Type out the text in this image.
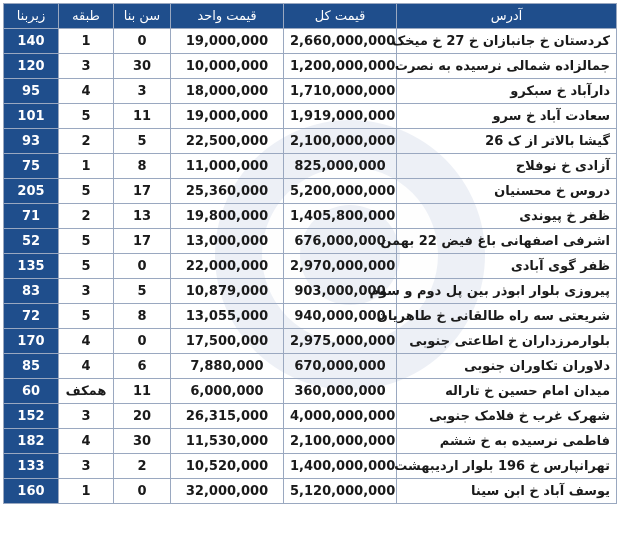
آدرس	قیمت کل	قیمت واحد	سن بنا	طبقه	زیربنا
کردستان خ جانبازان خ 27 خ میخک	2,660,000,000	19,000,000	0	1	140
جمالزاده شمالی نرسیده به نصرت	1,200,000,000	10,000,000	30	3	120
دارآباد خ سبکرو	1,710,000,000	18,000,000	3	4	95
سعادت آباد خ سرو	1,919,000,000	19,000,000	11	5	101
گیشا بالاتر از ک 26	2,100,000,000	22,500,000	5	2	93
آزادی خ نوفلاح	825,000,000	11,000,000	8	1	75
دروس خ محسنیان	5,200,000,000	25,360,000	17	5	205
ظفر خ پیوندی	1,405,800,000	19,800,000	13	2	71
اشرفی اصفهانی باغ فیض 22 بهمن	676,000,000	13,000,000	17	5	52
ظفر گوی آبادی	2,970,000,000	22,000,000	0	5	135
پیروزی بلوار ابوذر بین پل دوم و سوم	903,000,000	10,879,000	5	3	83
شریعتی سه راه طالقانی خ طاهریان	940,000,000	13,055,000	8	5	72
بلوارمرزداران خ اطاعتی جنوبی	2,975,000,000	17,500,000	0	4	170
دلاوران تکاوران جنوبی	670,000,000	7,880,000	6	4	85
میدان امام حسین خ تاراله	360,000,000	6,000,000	11	همکف	60
شهرک غرب خ فلامک جنوبی	4,000,000,000	26,315,000	20	3	152
فاطمی نرسیده به خ ششم	2,100,000,000	11,530,000	30	4	182
تهرانپارس خ 196 بلوار اردیبهشت	1,400,000,000	10,520,000	2	3	133
یوسف آباد خ ابن سینا	5,120,000,000	32,000,000	0	1	160
